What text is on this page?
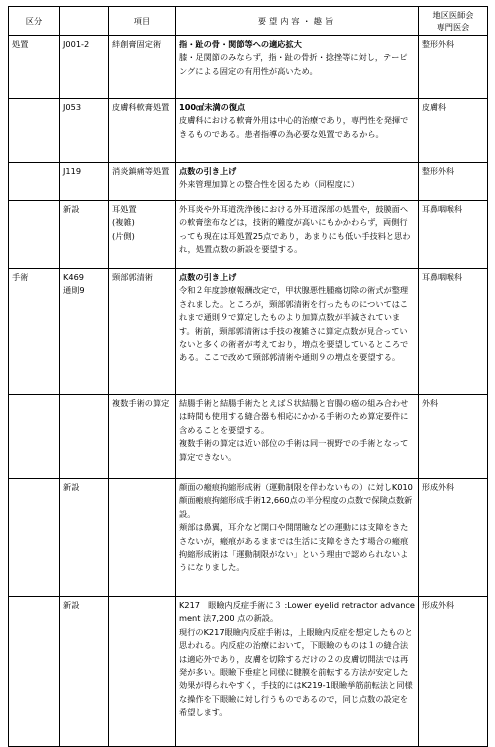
区分		項目	要望内容・趣旨	地区医師会
専門医会

処置	J001-2	絆創膏固定術	指・趾の骨・関節等への適応拡大
膝・足関節のみならず，指・趾の骨折・捻挫等に対し，テーピングによる固定の有用性が高いため。	整形外科
	J053	皮膚科軟膏処置	100㎠未満の復点
皮膚科における軟膏外用は中心的治療であり，専門性を発揮できるものである。患者指導の為必要な処置であるから。	皮膚科
	J119	消炎鎮痛等処置	点数の引き上げ
外来管理加算との整合性を図るため（同程度に）	整形外科
	新設	耳処置
(複雑)
(片側)	外耳炎や外耳道洗浄後における外耳道深部の処置や，鼓膜面への軟膏塗布などは，技術的難度が高いにもかかわらず，両側行っても現在は耳処置25点であり，あまりにも低い手技料と思われ，処置点数の新設を要望する。	耳鼻咽喉科
手術	K469
通則9	頸部郭清術	点数の引き上げ
令和２年度診療報酬改定で，甲状腺悪性腫瘍切除の術式が整理されました。ところが，頸部郭清術を行ったものについてはこれまで通則９で算定したものより加算点数が半減されています。術前，頸部郭清術は手技の複雑さに算定点数が見合っていないと多くの術者が考えており，増点を要望しているところである。ここで改めて頸部郭清術や通則９の増点を要望する。	耳鼻咽喉科
		複数手術の算定	結腸手術と結腸手術たとえばＳ状結腸と盲腸の癌の組み合わせは時間も使用する縫合器も相応にかかる手術のため算定要件に含めることを要望する。
複数手術の算定は近い部位の手術は同一視野での手術となって算定できない。	外科
	新設		顔面の瘢痕拘縮形成術（運動制限を伴わないもの）に対しK010　顔面瘢痕拘縮形成手術12,660点の半分程度の点数で保険点数新設。
頬部は鼻翼，耳介など開口や開閉瞼などの運動には支障をきたさないが，瘢痕があるままでは生活に支障をきたす場合の瘢痕拘縮形成術は「運動制限がない」という理由で認められないようになりました。	形成外科
	新設		K217　眼瞼内反症手術に３ :Lower eyelid retractor advancement 法7,200 点の新設。
現行のK217眼瞼内反症手術は，上眼瞼内反症を想定したものと思われる。内反症の治療において，下眼瞼のものは１の縫合法は適応外であり，皮膚を切除するだけの２の皮膚切開法では再発が多い。眼瞼下垂症と同様に腱膜を前転する方法が安定した効果が得られやすく，手技的にはK219-1眼瞼挙筋前転法と同様な操作を下眼瞼に対し行うものであるので，同じ点数の設定を希望します。	形成外科
